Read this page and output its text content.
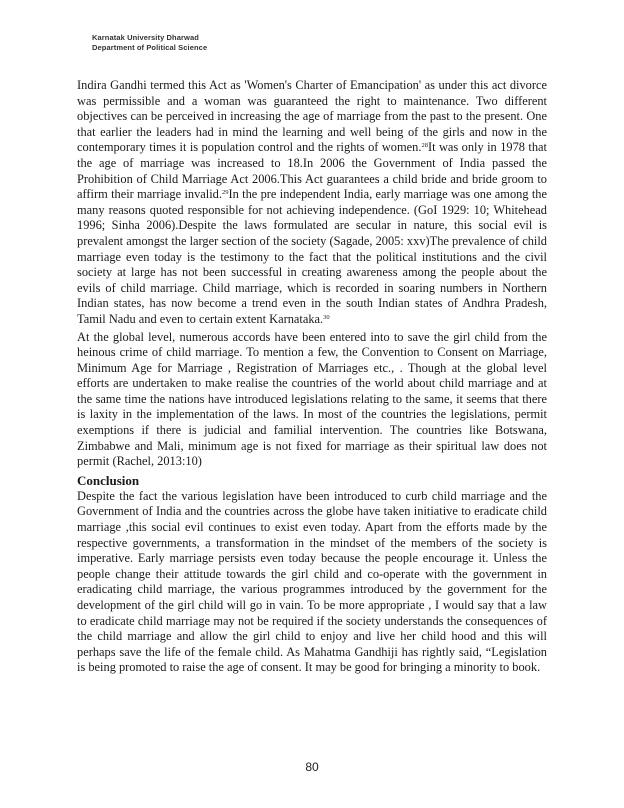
Karnatak University Dharwad
Department of Political Science

Indira Gandhi termed this Act as 'Women's Charter of Emancipation' as under this act divorce was permissible and a woman was guaranteed the right to maintenance. Two different objectives can be perceived in increasing the age of marriage from the past to the present. One that earlier the leaders had in mind the learning and well being of the girls and now in the contemporary times it is population control and the rights of women.$^{28}$It was only in 1978 that the age of marriage was increased to 18.In 2006 the Government of India passed the Prohibition of Child Marriage Act 2006.This Act guarantees a child bride and bride groom to affirm their marriage invalid.$^{29}$In the pre independent India, early marriage was one among the many reasons quoted responsible for not achieving independence. (GoI 1929: 10; Whitehead 1996; Sinha 2006).Despite the laws formulated are secular in nature, this social evil is prevalent amongst the larger section of the society (Sagade, 2005: xxv)The prevalence of child marriage even today is the testimony to the fact that the political institutions and the civil society at large has not been successful in creating awareness among the people about the evils of child marriage. Child marriage, which is recorded in soaring numbers in Northern Indian states, has now become a trend even in the south Indian states of Andhra Pradesh, Tamil Nadu and even to certain extent Karnataka.$^{30}$

At the global level, numerous accords have been entered into to save the girl child from the heinous crime of child marriage. To mention a few, the Convention to Consent on Marriage, Minimum Age for Marriage , Registration of Marriages etc., . Though at the global level efforts are undertaken to make realise the countries of the world about child marriage and at the same time the nations have introduced legislations relating to the same, it seems that there is laxity in the implementation of the laws. In most of the countries the legislations, permit exemptions if there is judicial and familial intervention. The countries like Botswana, Zimbabwe and Mali, minimum age is not fixed for marriage as their spiritual law does not permit (Rachel, 2013:10)

Conclusion

Despite the fact the various legislation have been introduced to curb child marriage and the Government of India and the countries across the globe have taken initiative to eradicate child marriage ,this social evil continues to exist even today. Apart from the efforts made by the respective governments, a transformation in the mindset of the members of the society is imperative. Early marriage persists even today because the people encourage it. Unless the people change their attitude towards the girl child and co-operate with the government in eradicating child marriage, the various programmes introduced by the government for the development of the girl child will go in vain. To be more appropriate , I would say that a law to eradicate child marriage may not be required if the society understands the consequences of the child marriage and allow the girl child to enjoy and live her child hood and this will perhaps save the life of the female child. As Mahatma Gandhiji has rightly said, “Legislation is being promoted to raise the age of consent. It may be good for bringing a minority to book.

80
